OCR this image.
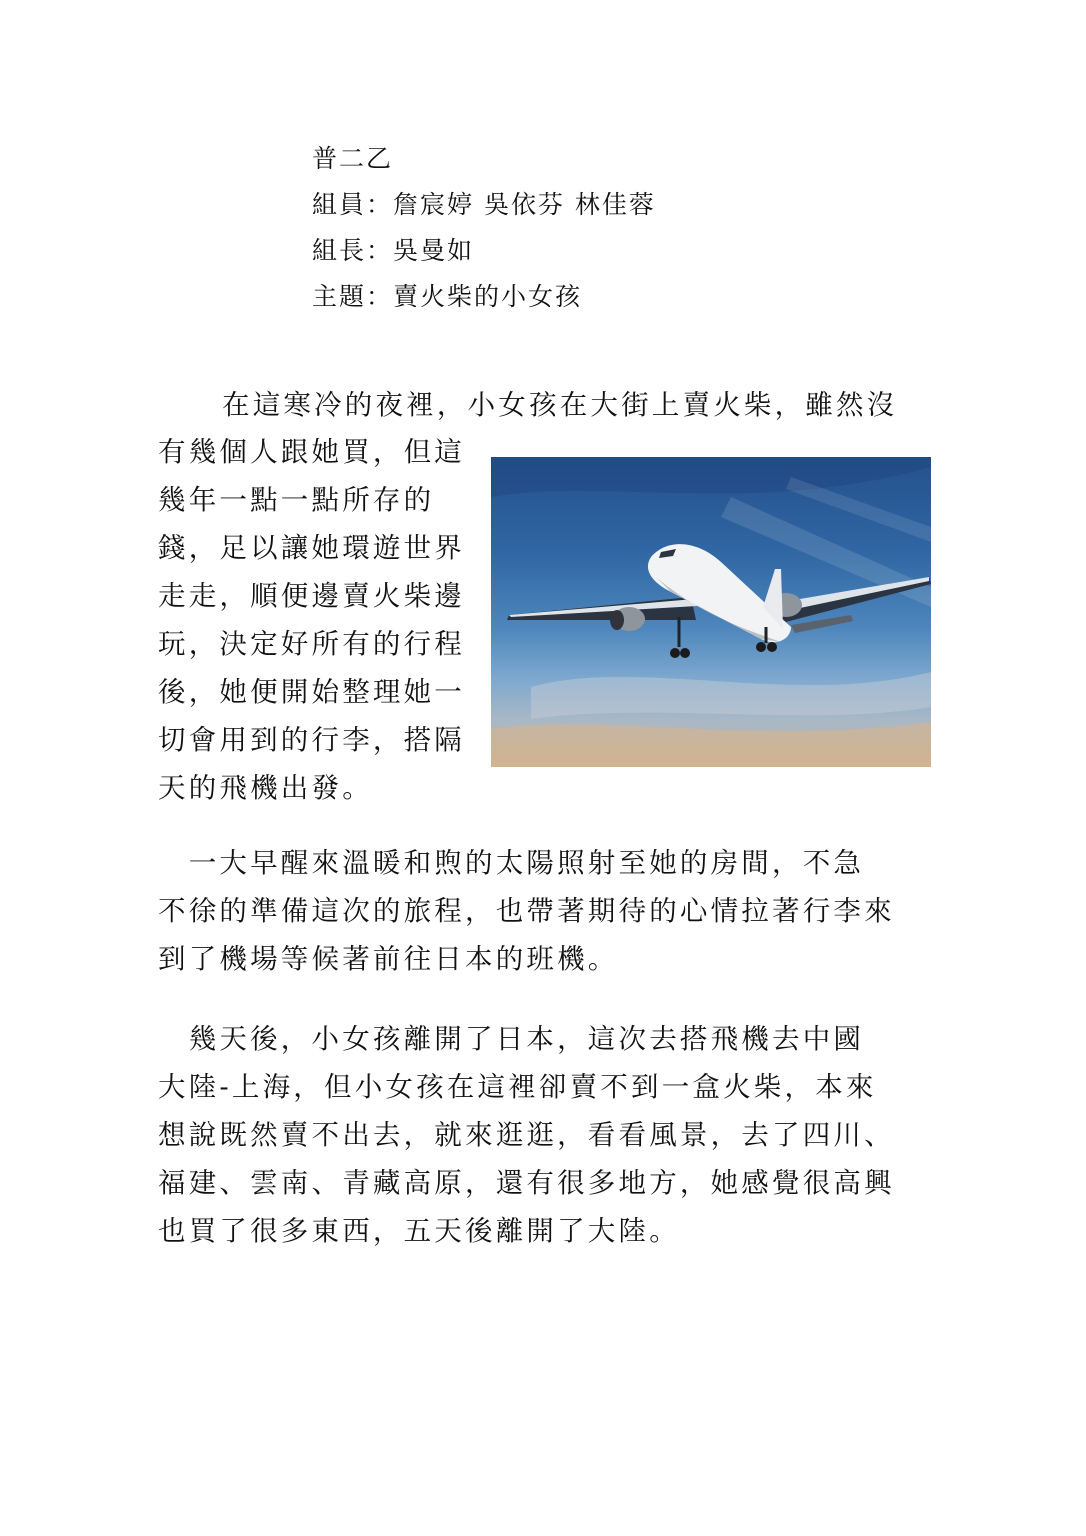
普二乙
組員：詹宸婷 吳依芬 林佳蓉
組長：吳曼如
主題：賣火柴的小女孩
在這寒冷的夜裡，小女孩在大街上賣火柴，雖然沒
有幾個人跟她買，但這
幾年一點一點所存的
錢，足以讓她環遊世界
走走，順便邊賣火柴邊
玩，決定好所有的行程
後，她便開始整理她一
切會用到的行李，搭隔
天的飛機出發。
　一大早醒來溫暖和煦的太陽照射至她的房間，不急
不徐的準備這次的旅程，也帶著期待的心情拉著行李來
到了機場等候著前往日本的班機。
　幾天後，小女孩離開了日本，這次去搭飛機去中國
大陸-上海，但小女孩在這裡卻賣不到一盒火柴，本來
想說既然賣不出去，就來逛逛，看看風景，去了四川、
福建、雲南、青藏高原，還有很多地方，她感覺很高興
也買了很多東西，五天後離開了大陸。
